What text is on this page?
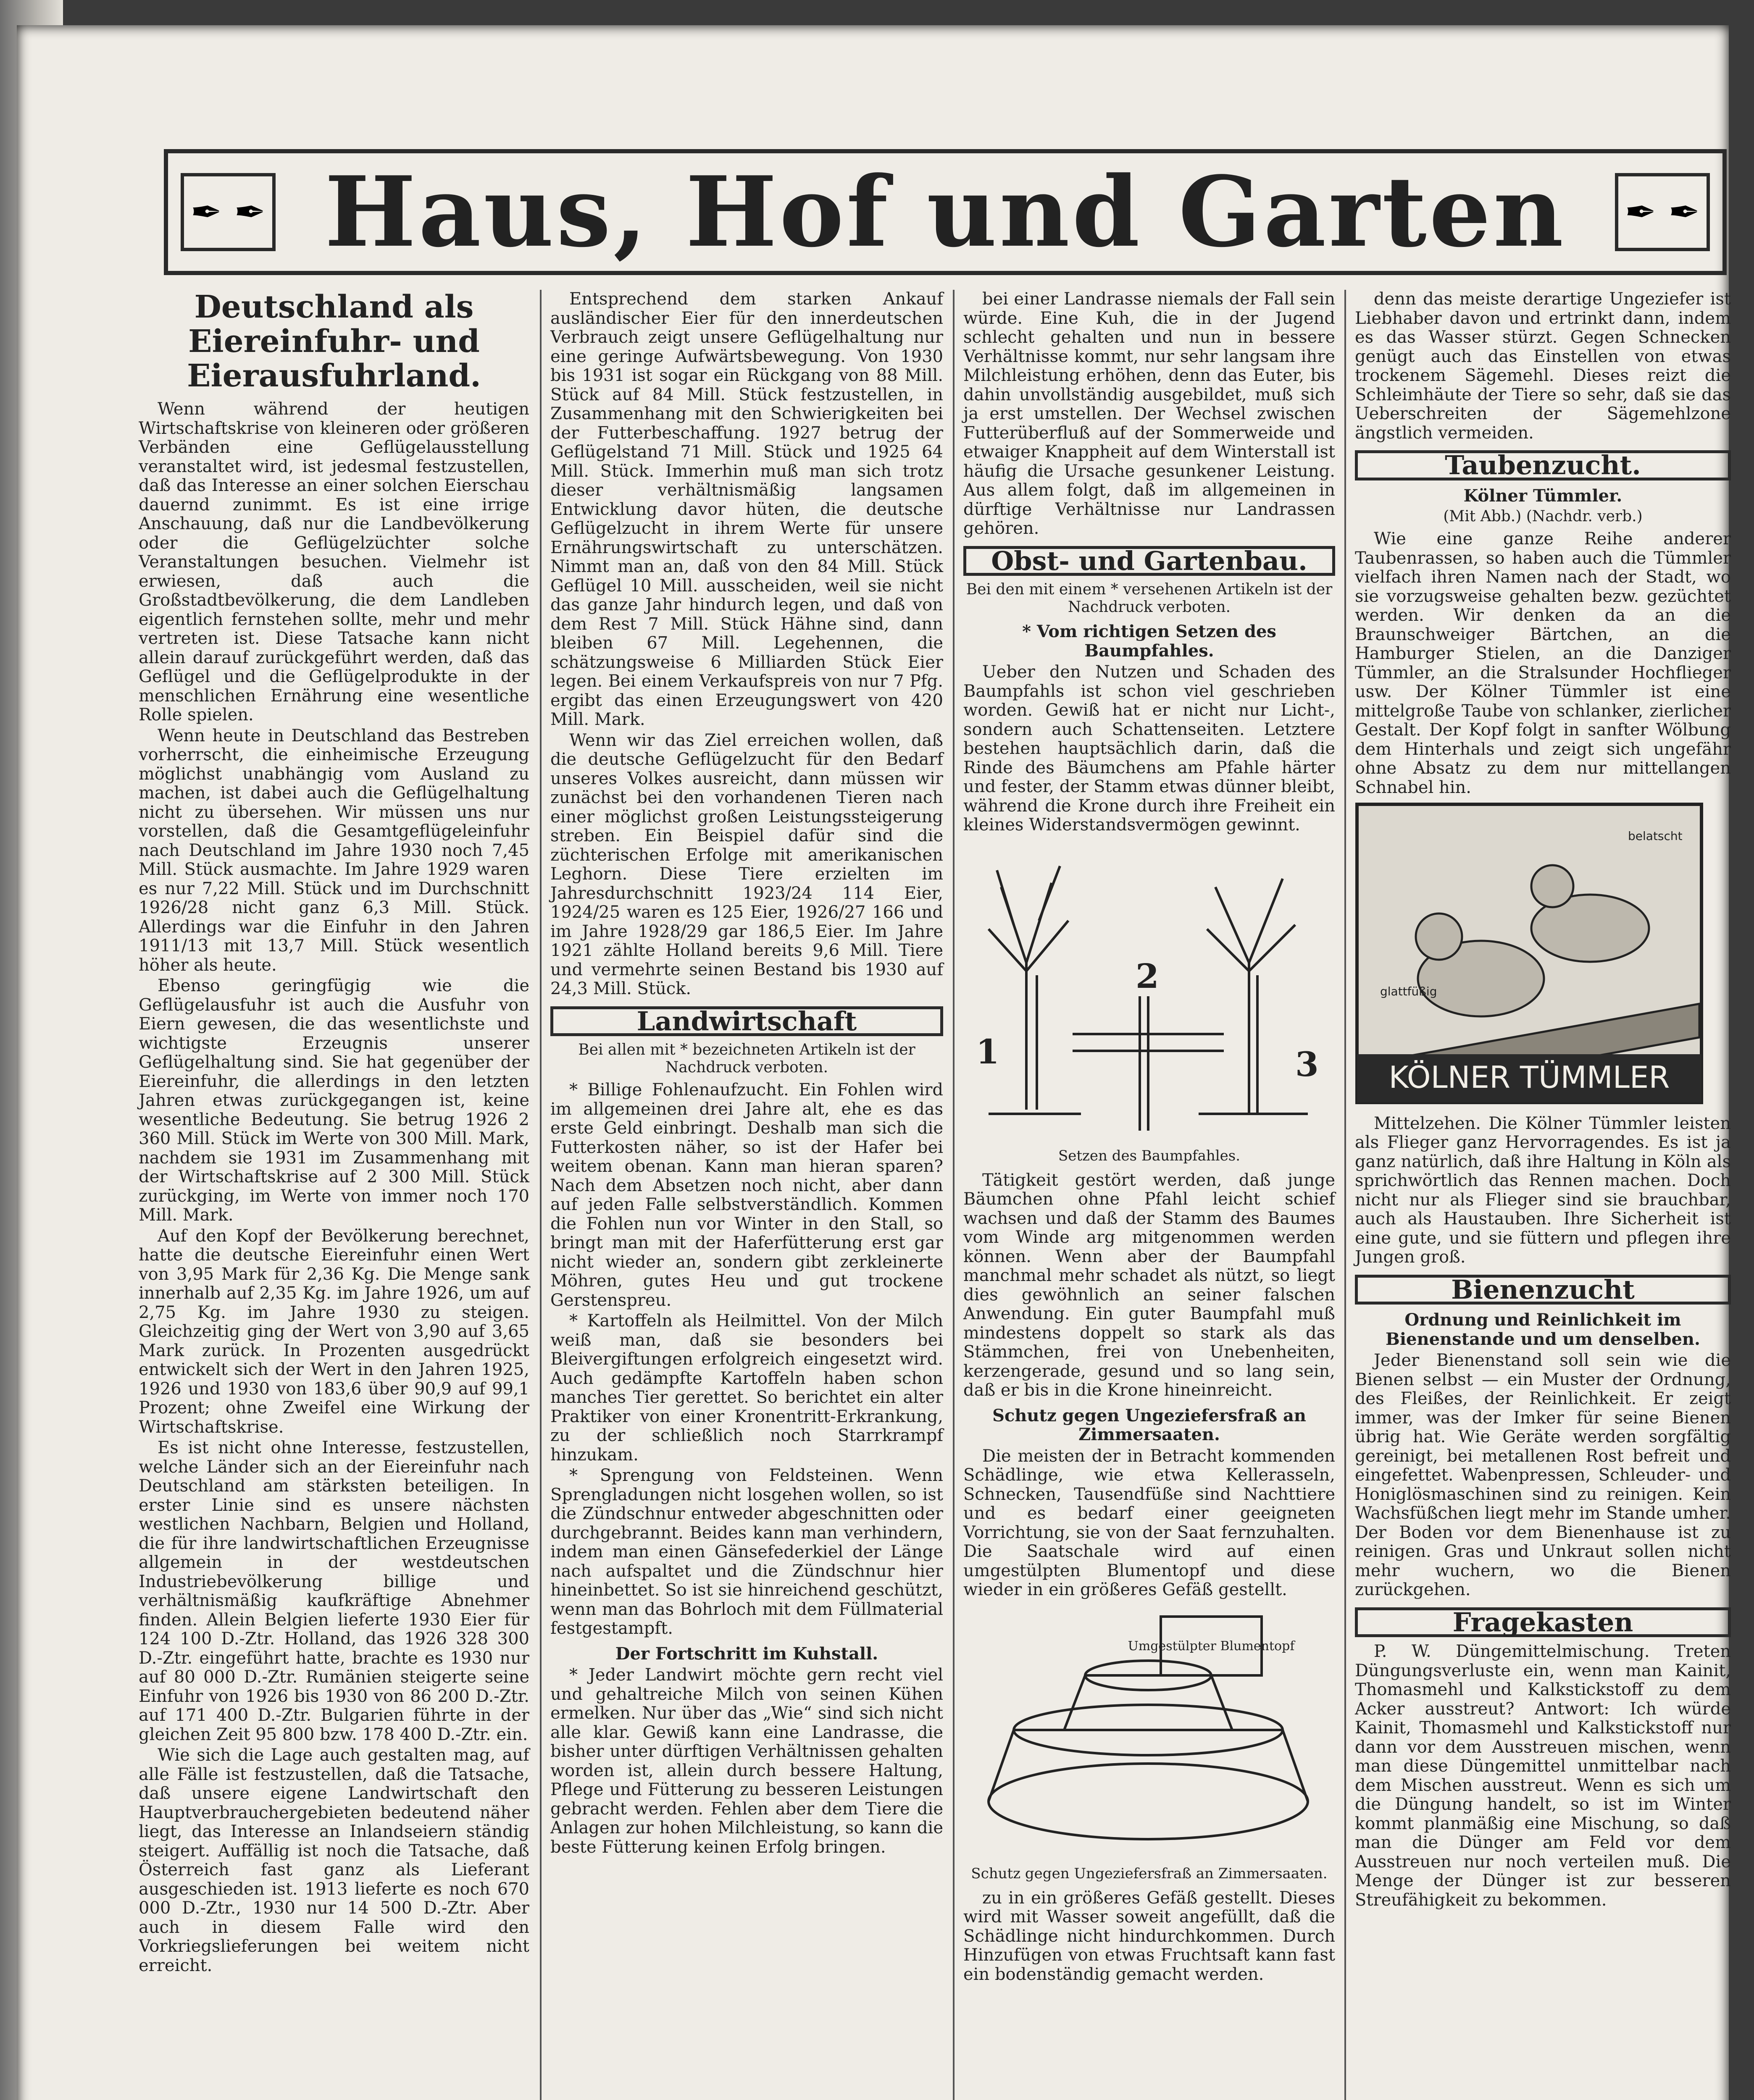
✒ ✒ Haus, Hof und Garten	✒ ✒
Deutschland als Eiereinfuhr- und Eierausfuhrland.

Wenn während der heutigen Wirtschaftskrise von kleineren oder größeren Verbänden eine Geflügelausstellung veranstaltet wird, ist jedesmal festzustellen, daß das Interesse an einer solchen Eierschau dauernd zunimmt. Es ist eine irrige Anschauung, daß nur die Landbevölkerung oder die Geflügelzüchter solche Veranstaltungen besuchen. Vielmehr ist erwiesen, daß auch die Großstadtbevölkerung, die dem Landleben eigentlich fernstehen sollte, mehr und mehr vertreten ist. Diese Tatsache kann nicht allein darauf zurückgeführt werden, daß das Geflügel und die Geflügelprodukte in der menschlichen Ernährung eine wesentliche Rolle spielen.

Wenn heute in Deutschland das Bestreben vorherrscht, die einheimische Erzeugung möglichst unabhängig vom Ausland zu machen, ist dabei auch die Geflügelhaltung nicht zu übersehen. Wir müssen uns nur vorstellen, daß die Gesamtgeflügeleinfuhr nach Deutschland im Jahre 1930 noch 7,45 Mill. Stück ausmachte. Im Jahre 1929 waren es nur 7,22 Mill. Stück und im Durchschnitt 1926/28 nicht ganz 6,3 Mill. Stück. Allerdings war die Einfuhr in den Jahren 1911/13 mit 13,7 Mill. Stück wesentlich höher als heute.

Ebenso geringfügig wie die Geflügelausfuhr ist auch die Ausfuhr von Eiern gewesen, die das wesentlichste und wichtigste Erzeugnis unserer Geflügelhaltung sind. Sie hat gegenüber der Eiereinfuhr, die allerdings in den letzten Jahren etwas zurückgegangen ist, keine wesentliche Bedeutung. Sie betrug 1926 2 360 Mill. Stück im Werte von 300 Mill. Mark, nachdem sie 1931 im Zusammenhang mit der Wirtschaftskrise auf 2 300 Mill. Stück zurückging, im Werte von immer noch 170 Mill. Mark.

Auf den Kopf der Bevölkerung berechnet, hatte die deutsche Eiereinfuhr einen Wert von 3,95 Mark für 2,36 Kg. Die Menge sank innerhalb auf 2,35 Kg. im Jahre 1926, um auf 2,75 Kg. im Jahre 1930 zu steigen. Gleichzeitig ging der Wert von 3,90 auf 3,65 Mark zurück. In Prozenten ausgedrückt entwickelt sich der Wert in den Jahren 1925, 1926 und 1930 von 183,6 über 90,9 auf 99,1 Prozent; ohne Zweifel eine Wirkung der Wirtschaftskrise.

Es ist nicht ohne Interesse, festzustellen, welche Länder sich an der Eiereinfuhr nach Deutschland am stärksten beteiligen. In erster Linie sind es unsere nächsten westlichen Nachbarn, Belgien und Holland, die für ihre landwirtschaftlichen Erzeugnisse allgemein in der westdeutschen Industriebevölkerung billige und verhältnismäßig kaufkräftige Abnehmer finden. Allein Belgien lieferte 1930 Eier für 124 100 D.-Ztr. Holland, das 1926 328 300 D.-Ztr. eingeführt hatte, brachte es 1930 nur auf 80 000 D.-Ztr. Rumänien steigerte seine Einfuhr von 1926 bis 1930 von 86 200 D.-Ztr. auf 171 400 D.-Ztr. Bulgarien führte in der gleichen Zeit 95 800 bzw. 178 400 D.-Ztr. ein.

Wie sich die Lage auch gestalten mag, auf alle Fälle ist festzustellen, daß die Tatsache, daß unsere eigene Landwirtschaft den Hauptverbrauchergebieten bedeutend näher liegt, das Interesse an Inlandseiern ständig steigert. Auffällig ist noch die Tatsache, daß Österreich fast ganz als Lieferant ausgeschieden ist. 1913 lieferte es noch 670 000 D.-Ztr., 1930 nur 14 500 D.-Ztr. Aber auch in diesem Falle wird den Vorkriegslieferungen bei weitem nicht erreicht.

Entsprechend dem starken Ankauf ausländischer Eier für den innerdeutschen Verbrauch zeigt unsere Geflügelhaltung nur eine geringe Aufwärtsbewegung. Von 1930 bis 1931 ist sogar ein Rückgang von 88 Mill. Stück auf 84 Mill. Stück festzustellen, in Zusammenhang mit den Schwierigkeiten bei der Futterbeschaffung. 1927 betrug der Geflügelstand 71 Mill. Stück und 1925 64 Mill. Stück. Immerhin muß man sich trotz dieser verhältnismäßig langsamen Entwicklung davor hüten, die deutsche Geflügelzucht in ihrem Werte für unsere Ernährungswirtschaft zu unterschätzen. Nimmt man an, daß von den 84 Mill. Stück Geflügel 10 Mill. ausscheiden, weil sie nicht das ganze Jahr hindurch legen, und daß von dem Rest 7 Mill. Stück Hähne sind, dann bleiben 67 Mill. Legehennen, die schätzungsweise 6 Milliarden Stück Eier legen. Bei einem Verkaufspreis von nur 7 Pfg. ergibt das einen Erzeugungswert von 420 Mill. Mark.

Wenn wir das Ziel erreichen wollen, daß die deutsche Geflügelzucht für den Bedarf unseres Volkes ausreicht, dann müssen wir zunächst bei den vorhandenen Tieren nach einer möglichst großen Leistungssteigerung streben. Ein Beispiel dafür sind die züchterischen Erfolge mit amerikanischen Leghorn. Diese Tiere erzielten im Jahresdurchschnitt 1923/24 114 Eier, 1924/25 waren es 125 Eier, 1926/27 166 und im Jahre 1928/29 gar 186,5 Eier. Im Jahre 1921 zählte Holland bereits 9,6 Mill. Tiere und vermehrte seinen Bestand bis 1930 auf 24,3 Mill. Stück.

Landwirtschaft
Bei allen mit * bezeichneten Artikeln ist der Nachdruck verboten.

* Billige Fohlenaufzucht. Ein Fohlen wird im allgemeinen drei Jahre alt, ehe es das erste Geld einbringt. Deshalb man sich die Futterkosten näher, so ist der Hafer bei weitem obenan. Kann man hieran sparen? Nach dem Absetzen noch nicht, aber dann auf jeden Falle selbstverständlich. Kommen die Fohlen nun vor Winter in den Stall, so bringt man mit der Haferfütterung erst gar nicht wieder an, sondern gibt zerkleinerte Möhren, gutes Heu und gut trockene Gerstenspreu.

* Kartoffeln als Heilmittel. Von der Milch weiß man, daß sie besonders bei Bleivergiftungen erfolgreich eingesetzt wird. Auch gedämpfte Kartoffeln haben schon manches Tier gerettet. So berichtet ein alter Praktiker von einer Kronentritt-Erkrankung, zu der schließlich noch Starrkrampf hinzukam.

* Sprengung von Feldsteinen. Wenn Sprengladungen nicht losgehen wollen, so ist die Zündschnur entweder abgeschnitten oder durchgebrannt. Beides kann man verhindern, indem man einen Gänsefederkiel der Länge nach aufspaltet und die Zündschnur hier hineinbettet. So ist sie hinreichend geschützt, wenn man das Bohrloch mit dem Füllmaterial festgestampft.

Der Fortschritt im Kuhstall.

* Jeder Landwirt möchte gern recht viel und gehaltreiche Milch von seinen Kühen ermelken. Nur über das „Wie“ sind sich nicht alle klar. Gewiß kann eine Landrasse, die bisher unter dürftigen Verhältnissen gehalten worden ist, allein durch bessere Haltung, Pflege und Fütterung zu besseren Leistungen gebracht werden. Fehlen aber dem Tiere die Anlagen zur hohen Milchleistung, so kann die beste Fütterung keinen Erfolg bringen.

bei einer Landrasse niemals der Fall sein würde. Eine Kuh, die in der Jugend schlecht gehalten und nun in bessere Verhältnisse kommt, nur sehr langsam ihre Milchleistung erhöhen, denn das Euter, bis dahin unvollständig ausgebildet, muß sich ja erst umstellen. Der Wechsel zwischen Futterüberfluß auf der Sommerweide und etwaiger Knappheit auf dem Winterstall ist häufig die Ursache gesunkener Leistung. Aus allem folgt, daß im allgemeinen in dürftige Verhältnisse nur Landrassen gehören.

Obst- und Gartenbau.
Bei den mit einem * versehenen Artikeln ist der Nachdruck verboten.
* Vom richtigen Setzen des Baumpfahles.

Ueber den Nutzen und Schaden des Baumpfahls ist schon viel geschrieben worden. Gewiß hat er nicht nur Licht-, sondern auch Schattenseiten. Letztere bestehen hauptsächlich darin, daß die Rinde des Bäumchens am Pfahle härter und fester, der Stamm etwas dünner bleibt, während die Krone durch ihre Freiheit ein kleines Widerstandsvermögen gewinnt.

1
2
3
Setzen des Baumpfahles.

Tätigkeit gestört werden, daß junge Bäumchen ohne Pfahl leicht schief wachsen und daß der Stamm des Baumes vom Winde arg mitgenommen werden können. Wenn aber der Baumpfahl manchmal mehr schadet als nützt, so liegt dies gewöhnlich an seiner falschen Anwendung. Ein guter Baumpfahl muß mindestens doppelt so stark als das Stämmchen, frei von Unebenheiten, kerzengerade, gesund und so lang sein, daß er bis in die Krone hineinreicht.

Schutz gegen Ungeziefersfraß an Zimmersaaten.

Die meisten der in Betracht kommenden Schädlinge, wie etwa Kellerasseln, Schnecken, Tausendfüße sind Nachttiere und es bedarf einer geeigneten Vorrichtung, sie von der Saat fernzuhalten. Die Saatschale wird auf einen umgestülpten Blumentopf und diese wieder in ein größeres Gefäß gestellt.

Umgestülpter Blumentopf
Schutz gegen Ungeziefersfraß an Zimmersaaten.

zu in ein größeres Gefäß gestellt. Dieses wird mit Wasser soweit angefüllt, daß die Schädlinge nicht hindurchkommen. Durch Hinzufügen von etwas Fruchtsaft kann fast ein bodenständig gemacht werden.

denn das meiste derartige Ungeziefer ist Liebhaber davon und ertrinkt dann, indem es das Wasser stürzt. Gegen Schnecken genügt auch das Einstellen von etwas trockenem Sägemehl. Dieses reizt die Schleimhäute der Tiere so sehr, daß sie das Ueberschreiten der Sägemehlzone ängstlich vermeiden.

Taubenzucht.
Kölner Tümmler.
(Mit Abb.) (Nachdr. verb.)

Wie eine ganze Reihe anderer Taubenrassen, so haben auch die Tümmler vielfach ihren Namen nach der Stadt, wo sie vorzugsweise gehalten bezw. gezüchtet werden. Wir denken da an die Braunschweiger Bärtchen, an die Hamburger Stielen, an die Danziger Tümmler, an die Stralsunder Hochflieger usw. Der Kölner Tümmler ist eine mittelgroße Taube von schlanker, zierlicher Gestalt. Der Kopf folgt in sanfter Wölbung dem Hinterhals und zeigt sich ungefähr ohne Absatz zu dem nur mittellangen Schnabel hin.

KÖLNER TÜMMLER
belatscht
glattfüßig

Mittelzehen. Die Kölner Tümmler leisten als Flieger ganz Hervorragendes. Es ist ja ganz natürlich, daß ihre Haltung in Köln als sprichwörtlich das Rennen machen. Doch nicht nur als Flieger sind sie brauchbar, auch als Haustauben. Ihre Sicherheit ist eine gute, und sie füttern und pflegen ihre Jungen groß.

Bienenzucht
Ordnung und Reinlichkeit im Bienenstande und um denselben.

Jeder Bienenstand soll sein wie die Bienen selbst — ein Muster der Ordnung, des Fleißes, der Reinlichkeit. Er zeigt immer, was der Imker für seine Bienen übrig hat. Wie Geräte werden sorgfältig gereinigt, bei metallenen Rost befreit und eingefettet. Wabenpressen, Schleuder- und Honiglösmaschinen sind zu reinigen. Kein Wachsfüßchen liegt mehr im Stande umher. Der Boden vor dem Bienenhause ist zu reinigen. Gras und Unkraut sollen nicht mehr wuchern, wo die Bienen zurückgehen.

Fragekasten

P. W. Düngemittelmischung. Treten Düngungsverluste ein, wenn man Kainit, Thomasmehl und Kalkstickstoff zu dem Acker ausstreut? Antwort: Ich würde Kainit, Thomasmehl und Kalkstickstoff nur dann vor dem Ausstreuen mischen, wenn man diese Düngemittel unmittelbar nach dem Mischen ausstreut. Wenn es sich um die Düngung handelt, so ist im Winter kommt planmäßig eine Mischung, so daß man die Dünger am Feld vor dem Ausstreuen nur noch verteilen muß. Die Menge der Dünger ist zur besseren Streufähigkeit zu bekommen.
